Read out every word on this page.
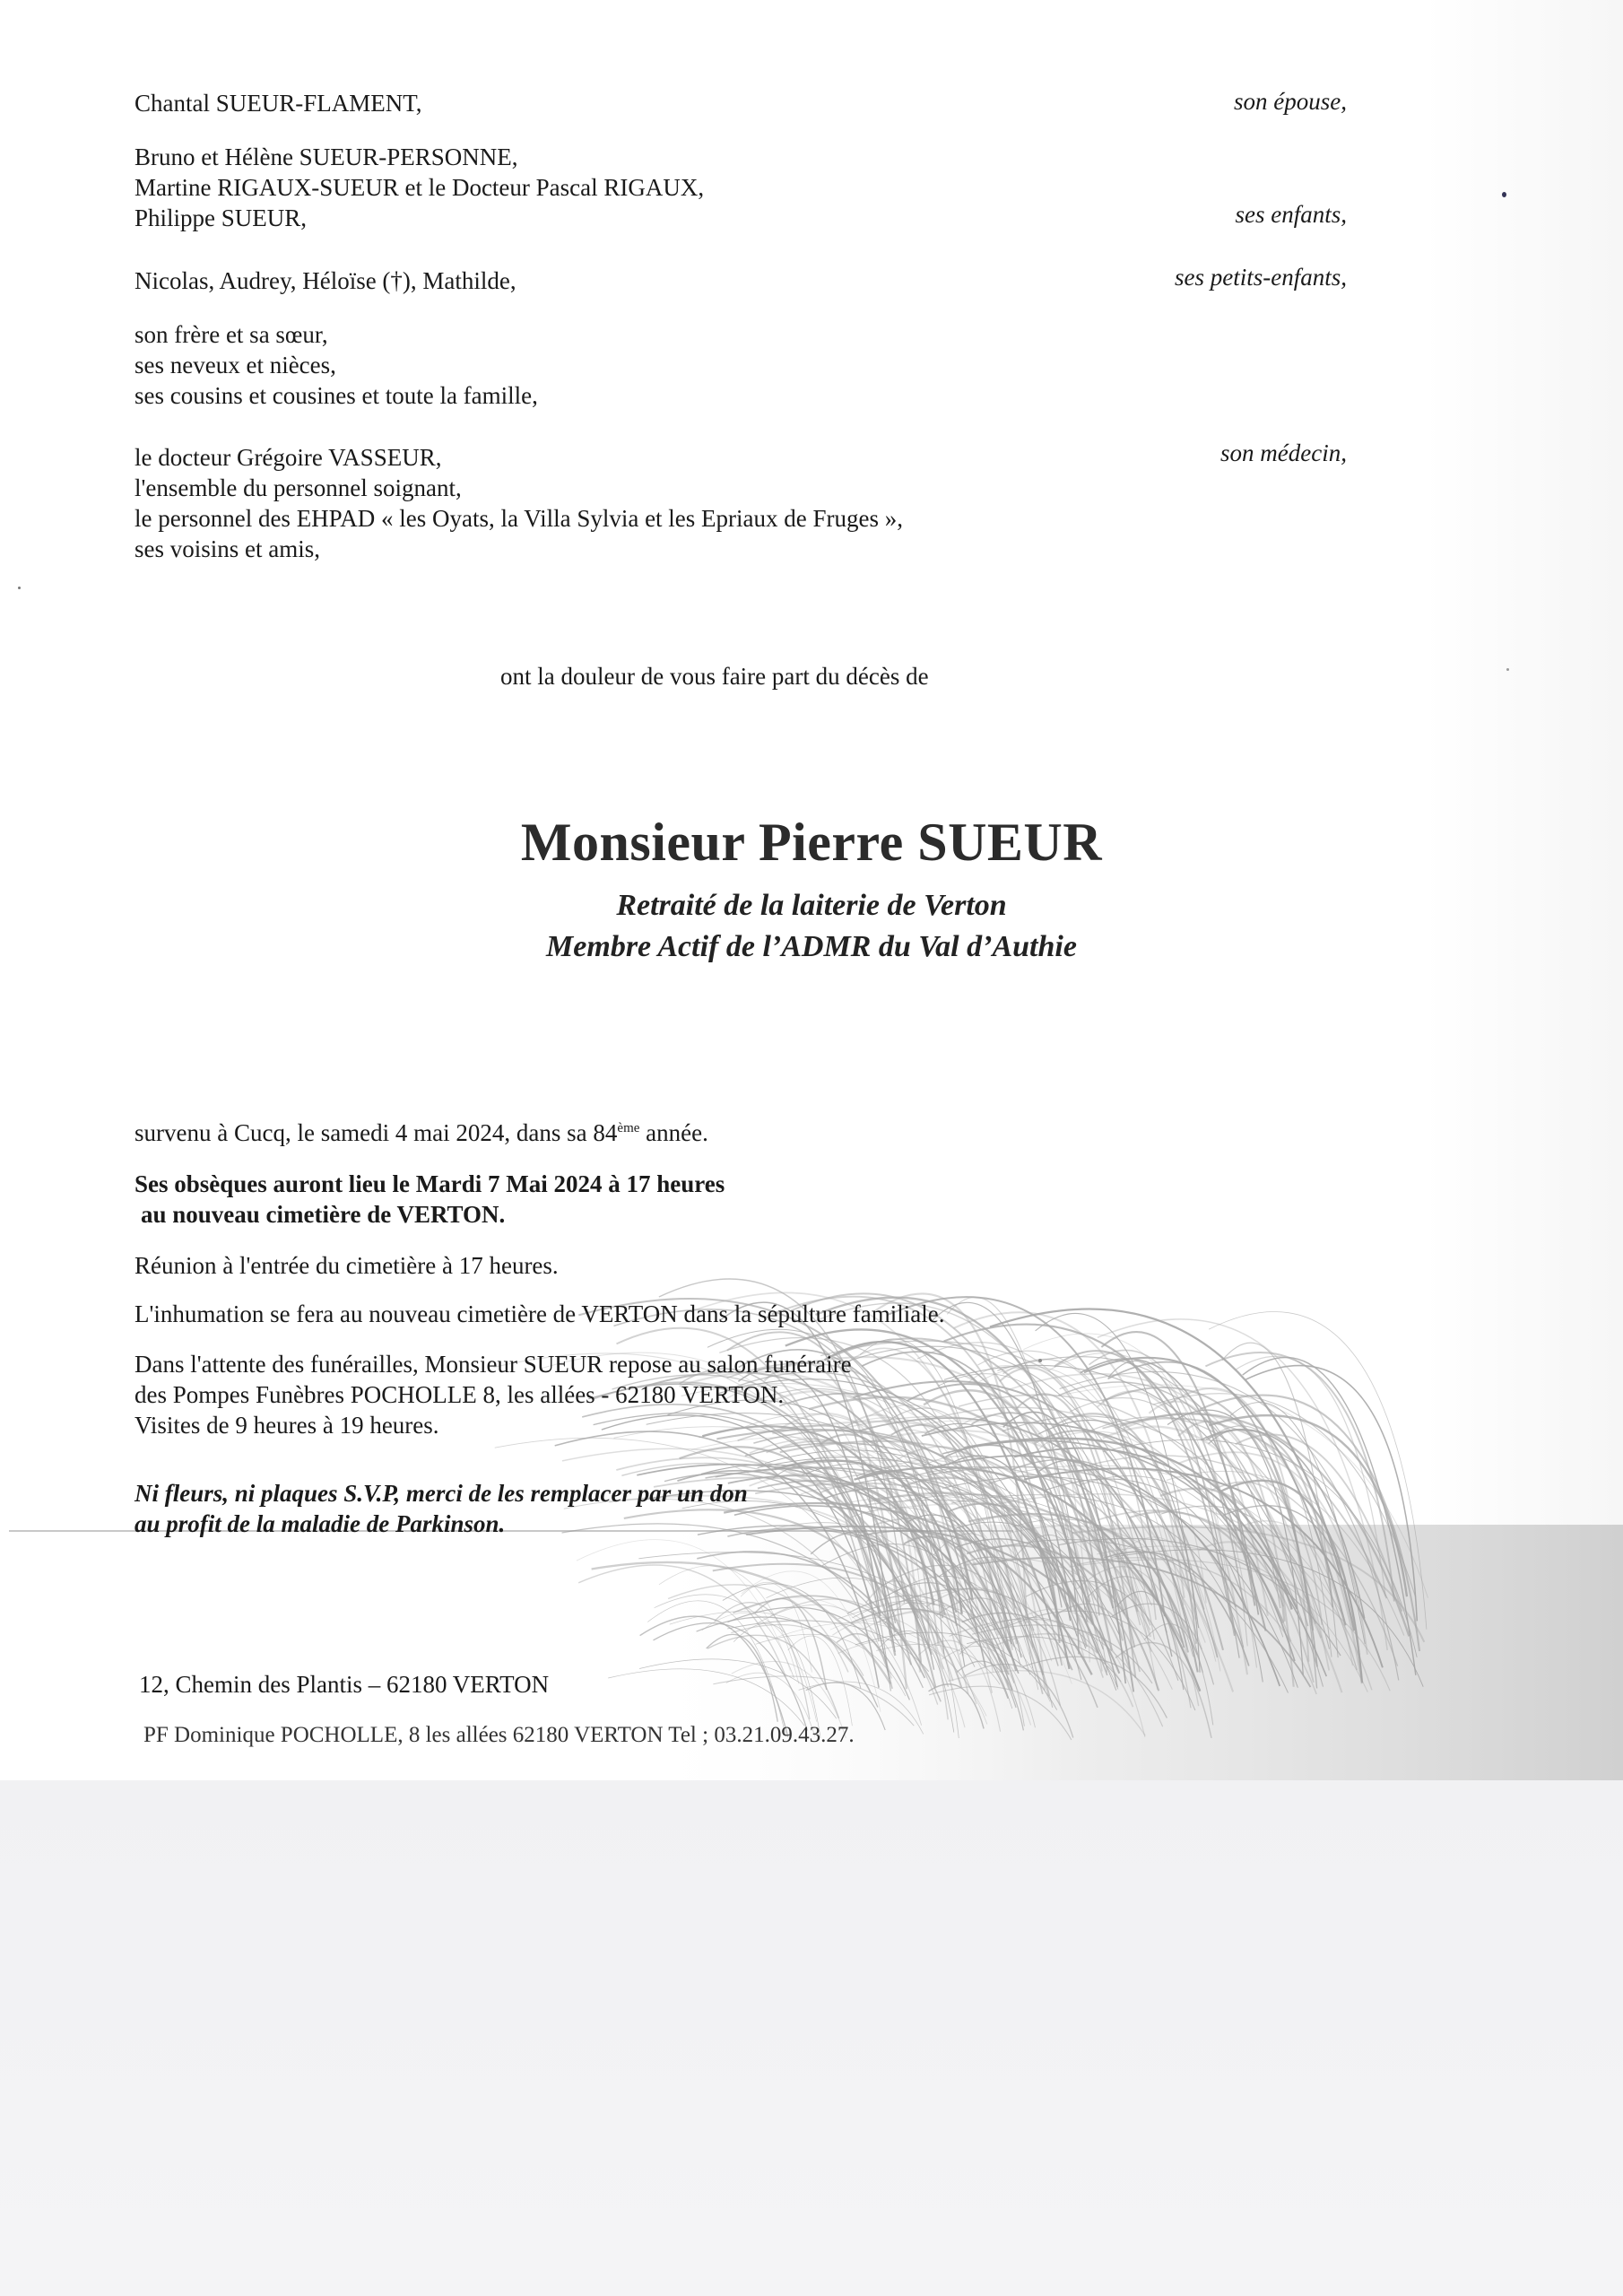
Chantal SUEUR-FLAMENT,	son épouse,
Bruno et Hélène SUEUR-PERSONNE,
Martine RIGAUX-SUEUR et le Docteur Pascal RIGAUX,
Philippe SUEUR,	ses enfants,
Nicolas, Audrey, Héloïse (†), Mathilde,	ses petits-enfants,
son frère et sa sœur,
ses neveux et nièces,
ses cousins et cousines et toute la famille,
le docteur Grégoire VASSEUR,	son médecin,
l'ensemble du personnel soignant,
le personnel des EHPAD « les Oyats, la Villa Sylvia et les Epriaux de Fruges »,
ses voisins et amis,
ont la douleur de vous faire part du décès de
Monsieur Pierre SUEUR
Retraité de la laiterie de Verton
Membre Actif de l’ADMR du Val d’Authie
survenu à Cucq, le samedi 4 mai 2024, dans sa 84ème année.
Ses obsèques auront lieu le Mardi 7 Mai 2024 à 17 heures
au nouveau cimetière de VERTON.
Réunion à l'entrée du cimetière à 17 heures.
L'inhumation se fera au nouveau cimetière de VERTON dans la sépulture familiale.
Dans l'attente des funérailles, Monsieur SUEUR repose au salon funéraire
des Pompes Funèbres POCHOLLE 8, les allées - 62180 VERTON.
Visites de 9 heures à 19 heures.
Ni fleurs, ni plaques S.V.P, merci de les remplacer par un don
au profit de la maladie de Parkinson.
12, Chemin des Plantis – 62180 VERTON
PF Dominique POCHOLLE, 8 les allées 62180 VERTON Tel ; 03.21.09.43.27.
